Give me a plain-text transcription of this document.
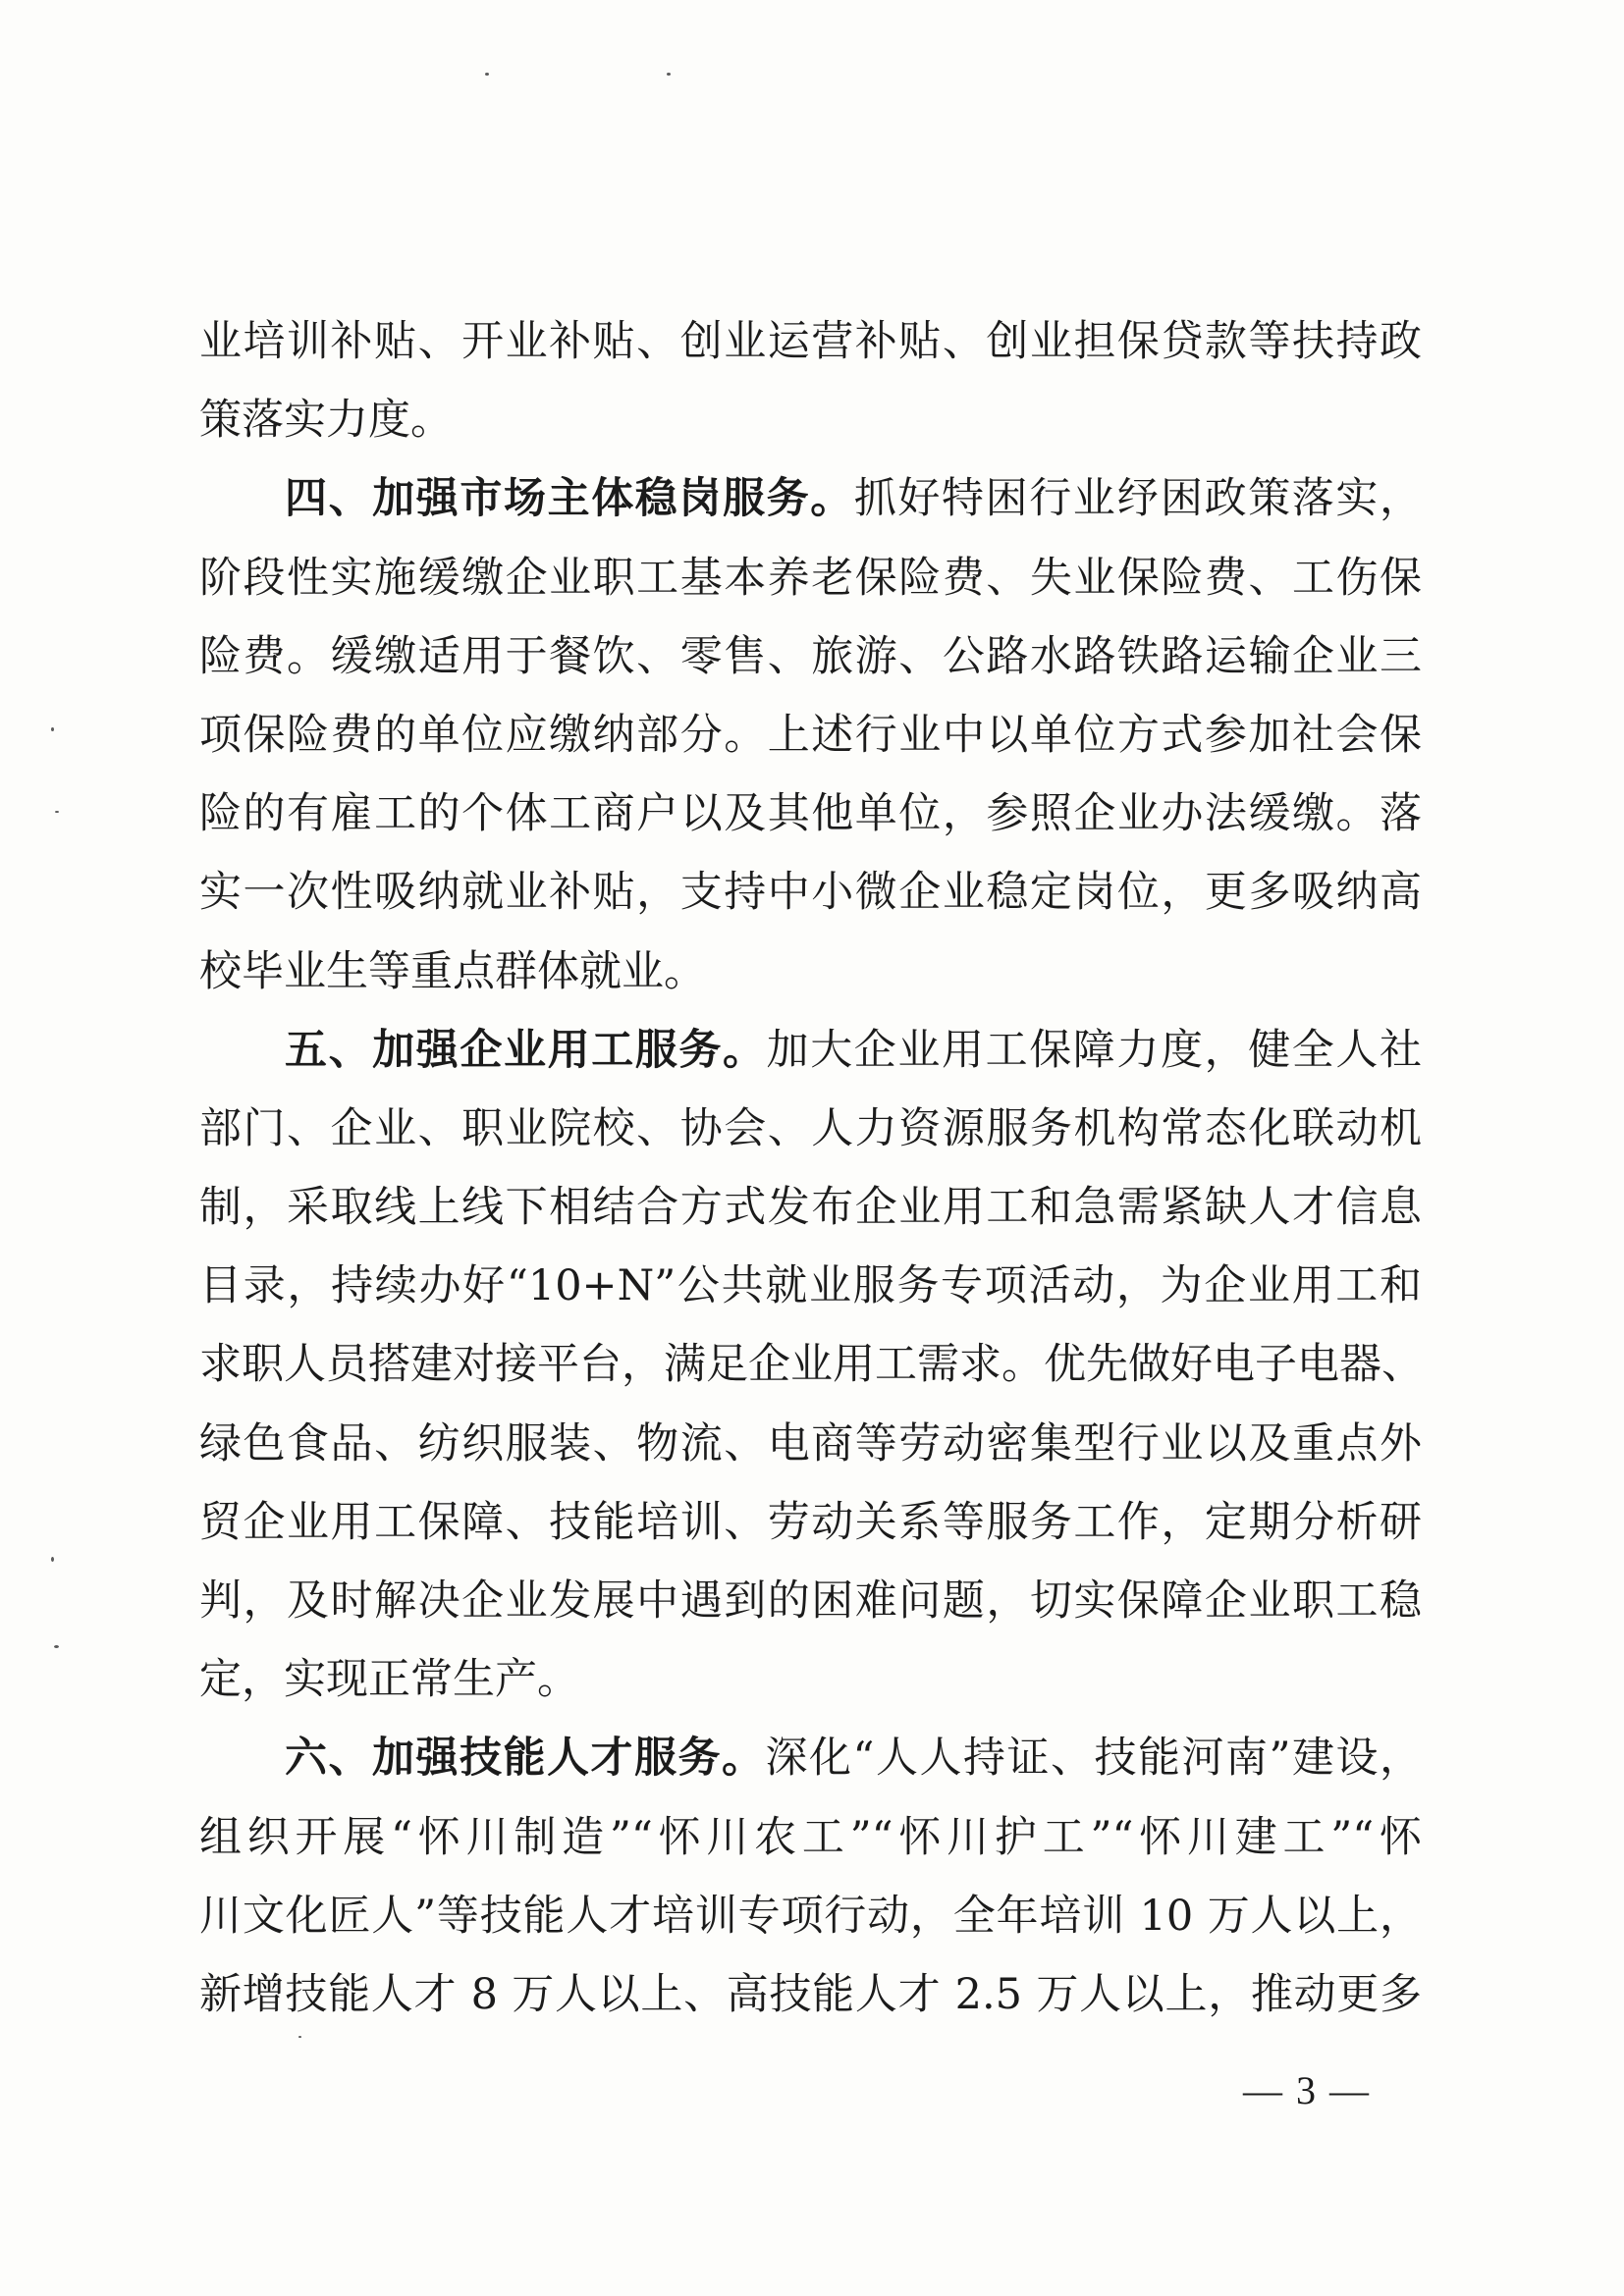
业培训补贴、开业补贴、创业运营补贴、创业担保贷款等扶持政
策落实力度。
四、加强市场主体稳岗服务。抓好特困行业纾困政策落实，
阶段性实施缓缴企业职工基本养老保险费、失业保险费、工伤保
险费。缓缴适用于餐饮、零售、旅游、公路水路铁路运输企业三
项保险费的单位应缴纳部分。上述行业中以单位方式参加社会保
险的有雇工的个体工商户以及其他单位，参照企业办法缓缴。落
实一次性吸纳就业补贴，支持中小微企业稳定岗位，更多吸纳高
校毕业生等重点群体就业。
五、加强企业用工服务。加大企业用工保障力度，健全人社
部门、企业、职业院校、协会、人力资源服务机构常态化联动机
制，采取线上线下相结合方式发布企业用工和急需紧缺人才信息
目录，持续办好“10+N”公共就业服务专项活动，为企业用工和
求职人员搭建对接平台，满足企业用工需求。优先做好电子电器、
绿色食品、纺织服装、物流、电商等劳动密集型行业以及重点外
贸企业用工保障、技能培训、劳动关系等服务工作，定期分析研
判，及时解决企业发展中遇到的困难问题，切实保障企业职工稳
定，实现正常生产。
六、加强技能人才服务。深化“人人持证、技能河南”建设，
组织开展“怀川制造”“怀川农工”“怀川护工”“怀川建工”“怀
川文化匠人”等技能人才培训专项行动，全年培训 10 万人以上，
新增技能人才 8 万人以上、高技能人才 2.5 万人以上，推动更多
— 3 —
